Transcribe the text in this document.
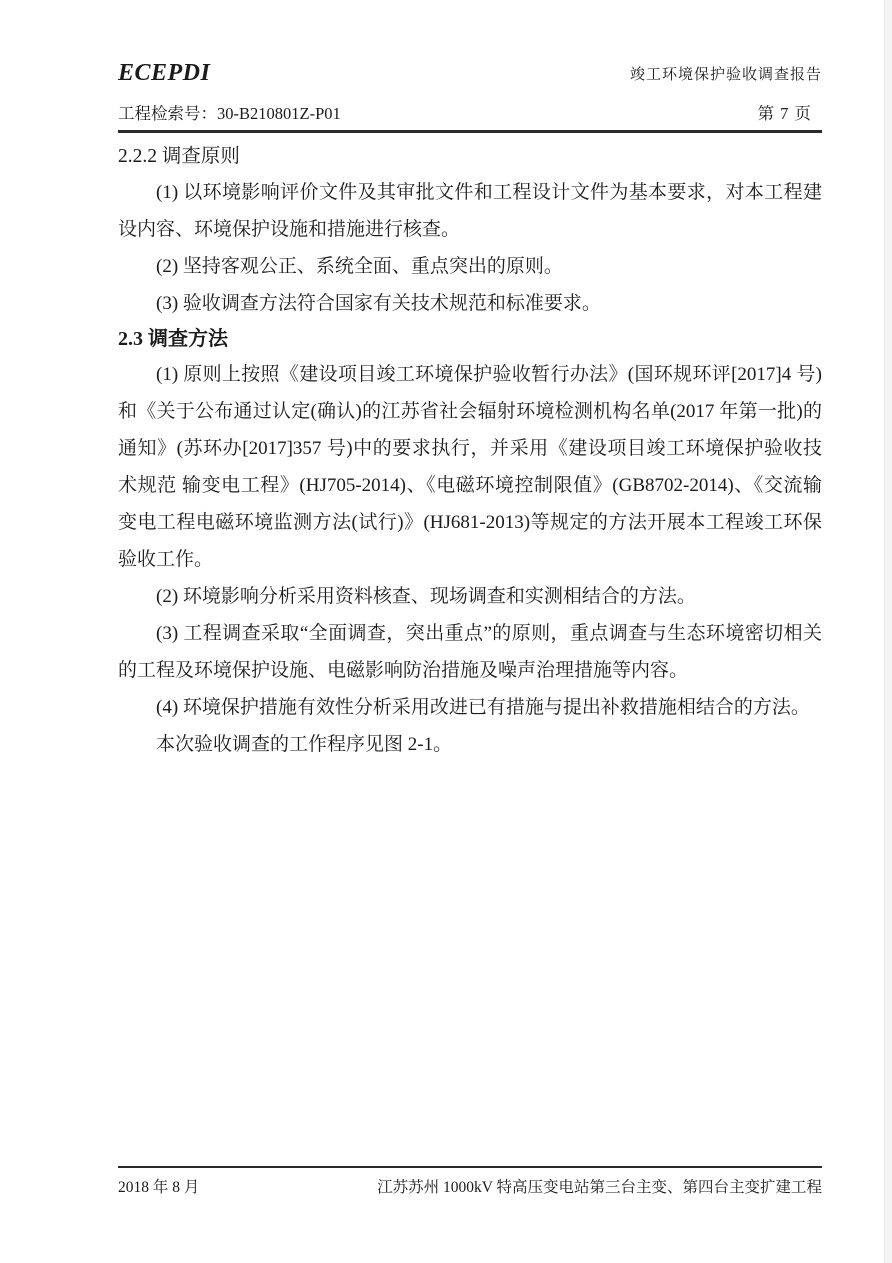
ECEPDI	竣工环境保护验收调查报告
工程检索号：30-B210801Z-P01	第 7 页
2.2.2 调查原则

(1) 以环境影响评价文件及其审批文件和工程设计文件为基本要求，对本工程建设内容、环境保护设施和措施进行核查。

(2) 坚持客观公正、系统全面、重点突出的原则。

(3) 验收调查方法符合国家有关技术规范和标准要求。

2.3 调查方法

(1) 原则上按照《建设项目竣工环境保护验收暂行办法》(国环规环评[2017]4 号)和《关于公布通过认定(确认)的江苏省社会辐射环境检测机构名单(2017 年第一批)的通知》(苏环办[2017]357 号)中的要求执行，并采用《建设项目竣工环境保护验收技术规范 输变电工程》(HJ705-2014)、《电磁环境控制限值》(GB8702-2014)、《交流输变电工程电磁环境监测方法(试行)》(HJ681-2013)等规定的方法开展本工程竣工环保验收工作。

(2) 环境影响分析采用资料核查、现场调查和实测相结合的方法。

(3) 工程调查采取“全面调查，突出重点”的原则，重点调查与生态环境密切相关的工程及环境保护设施、电磁影响防治措施及噪声治理措施等内容。

(4) 环境保护措施有效性分析采用改进已有措施与提出补救措施相结合的方法。

本次验收调查的工作程序见图 2-1。

2018 年 8 月	江苏苏州 1000kV 特高压变电站第三台主变、第四台主变扩建工程
